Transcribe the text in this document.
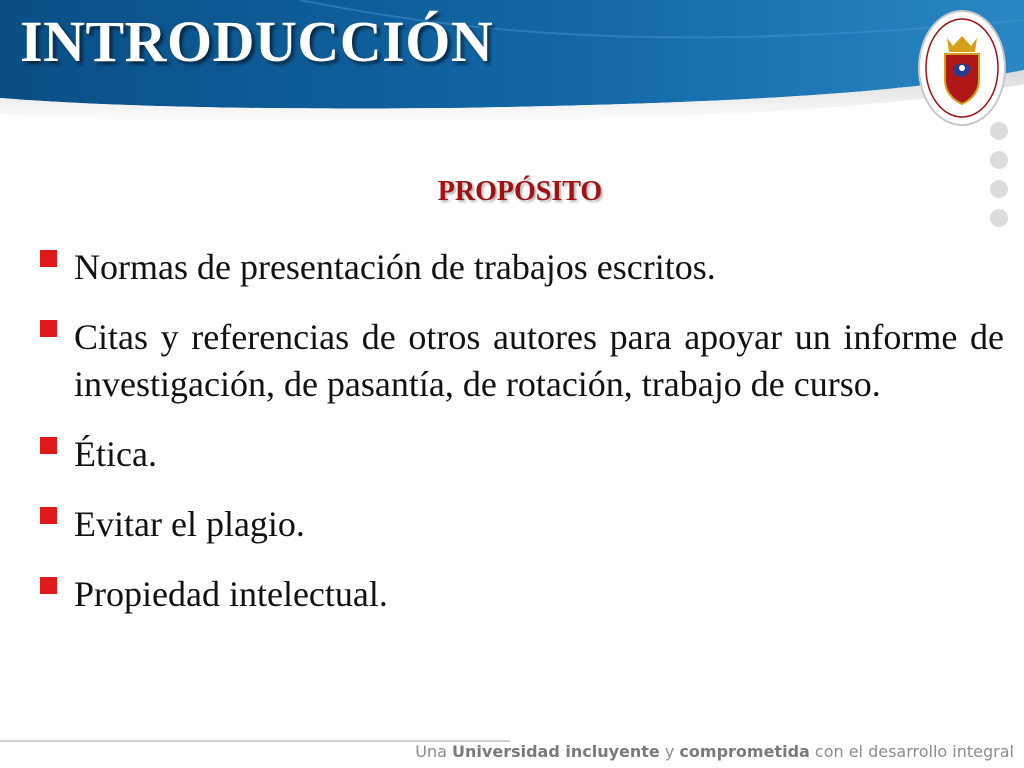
INTRODUCCIÓN
PROPÓSITO
Normas de presentación de trabajos escritos.
Citas y referencias de otros autores para apoyar un informe de investigación, de pasantía, de rotación, trabajo de curso.
Ética.
Evitar el plagio.
Propiedad intelectual.

Una Universidad incluyente y comprometida con el desarrollo integral
